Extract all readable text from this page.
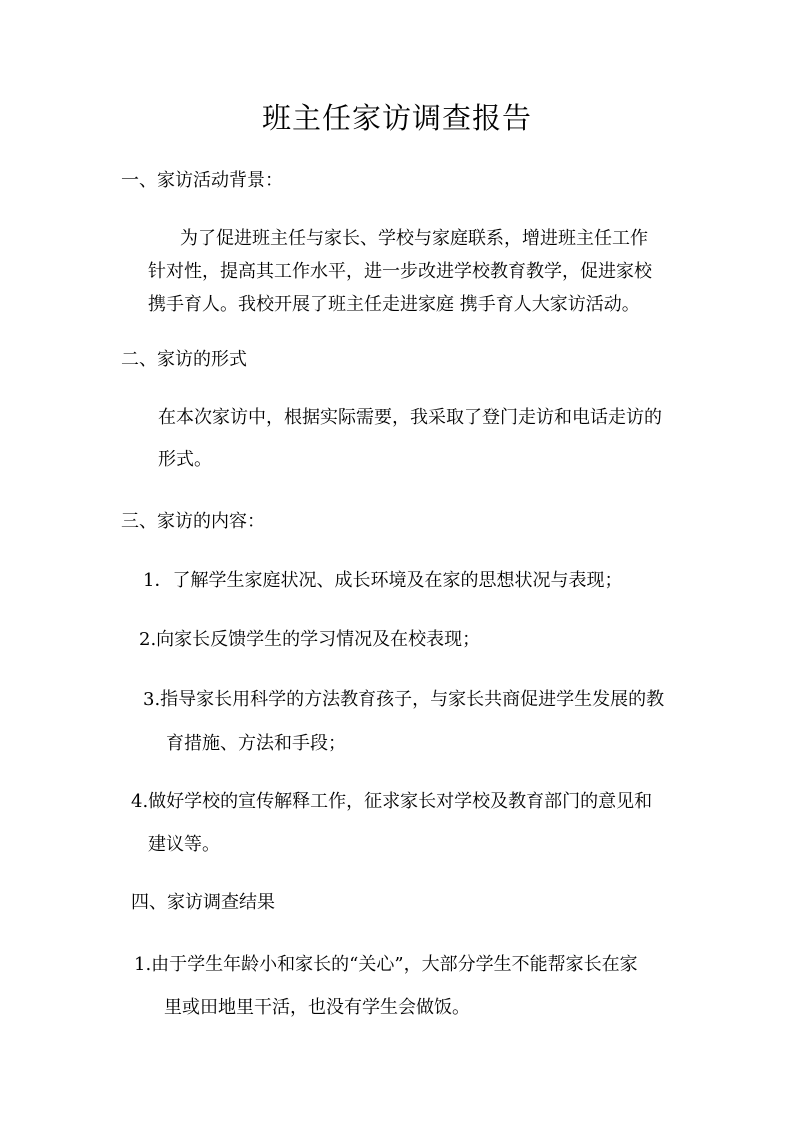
班主任家访调查报告
一、家访活动背景：
为了促进班主任与家长、学校与家庭联系，增进班主任工作
针对性，提高其工作水平，进一步改进学校教育教学，促进家校
携手育人。我校开展了班主任走进家庭 携手育人大家访活动。
二、家访的形式
在本次家访中，根据实际需要，我采取了登门走访和电话走访的
形式。
三、家访的内容：
1．了解学生家庭状况、成长环境及在家的思想状况与表现；
2.向家长反馈学生的学习情况及在校表现；
3.指导家长用科学的方法教育孩子，与家长共商促进学生发展的教
育措施、方法和手段；
4.做好学校的宣传解释工作，征求家长对学校及教育部门的意见和
建议等。
四、家访调查结果
1.由于学生年龄小和家长的“关心”，大部分学生不能帮家长在家
里或田地里干活，也没有学生会做饭。
